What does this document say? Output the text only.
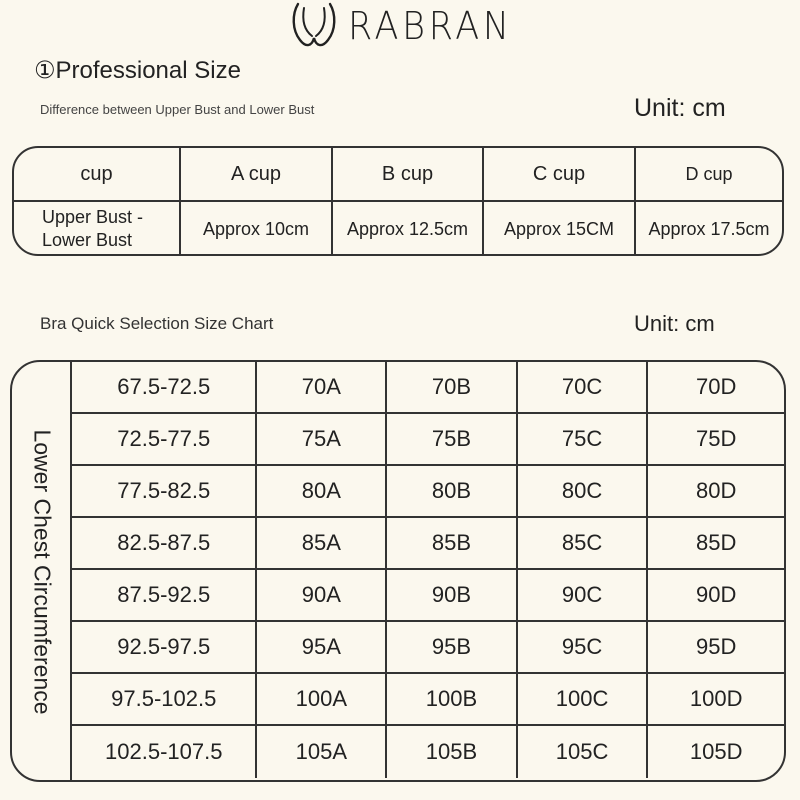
RABRAN
①Professional Size
Difference between Upper Bust and Lower Bust	Unit: cm
cup	A cup	B cup	C cup	D cup
Upper Bust -
Lower Bust
Approx 10cm	Approx 12.5cm	Approx 15CM	Approx 17.5cm
Bra Quick Selection Size Chart	Unit: cm
Lower Chest Circumference
67.5-72.5	70A	70B	70C	70D
72.5-77.5	75A	75B	75C	75D
77.5-82.5	80A	80B	80C	80D
82.5-87.5	85A	85B	85C	85D
87.5-92.5	90A	90B	90C	90D
92.5-97.5	95A	95B	95C	95D
97.5-102.5	100A	100B	100C	100D
102.5-107.5	105A	105B	105C	105D
